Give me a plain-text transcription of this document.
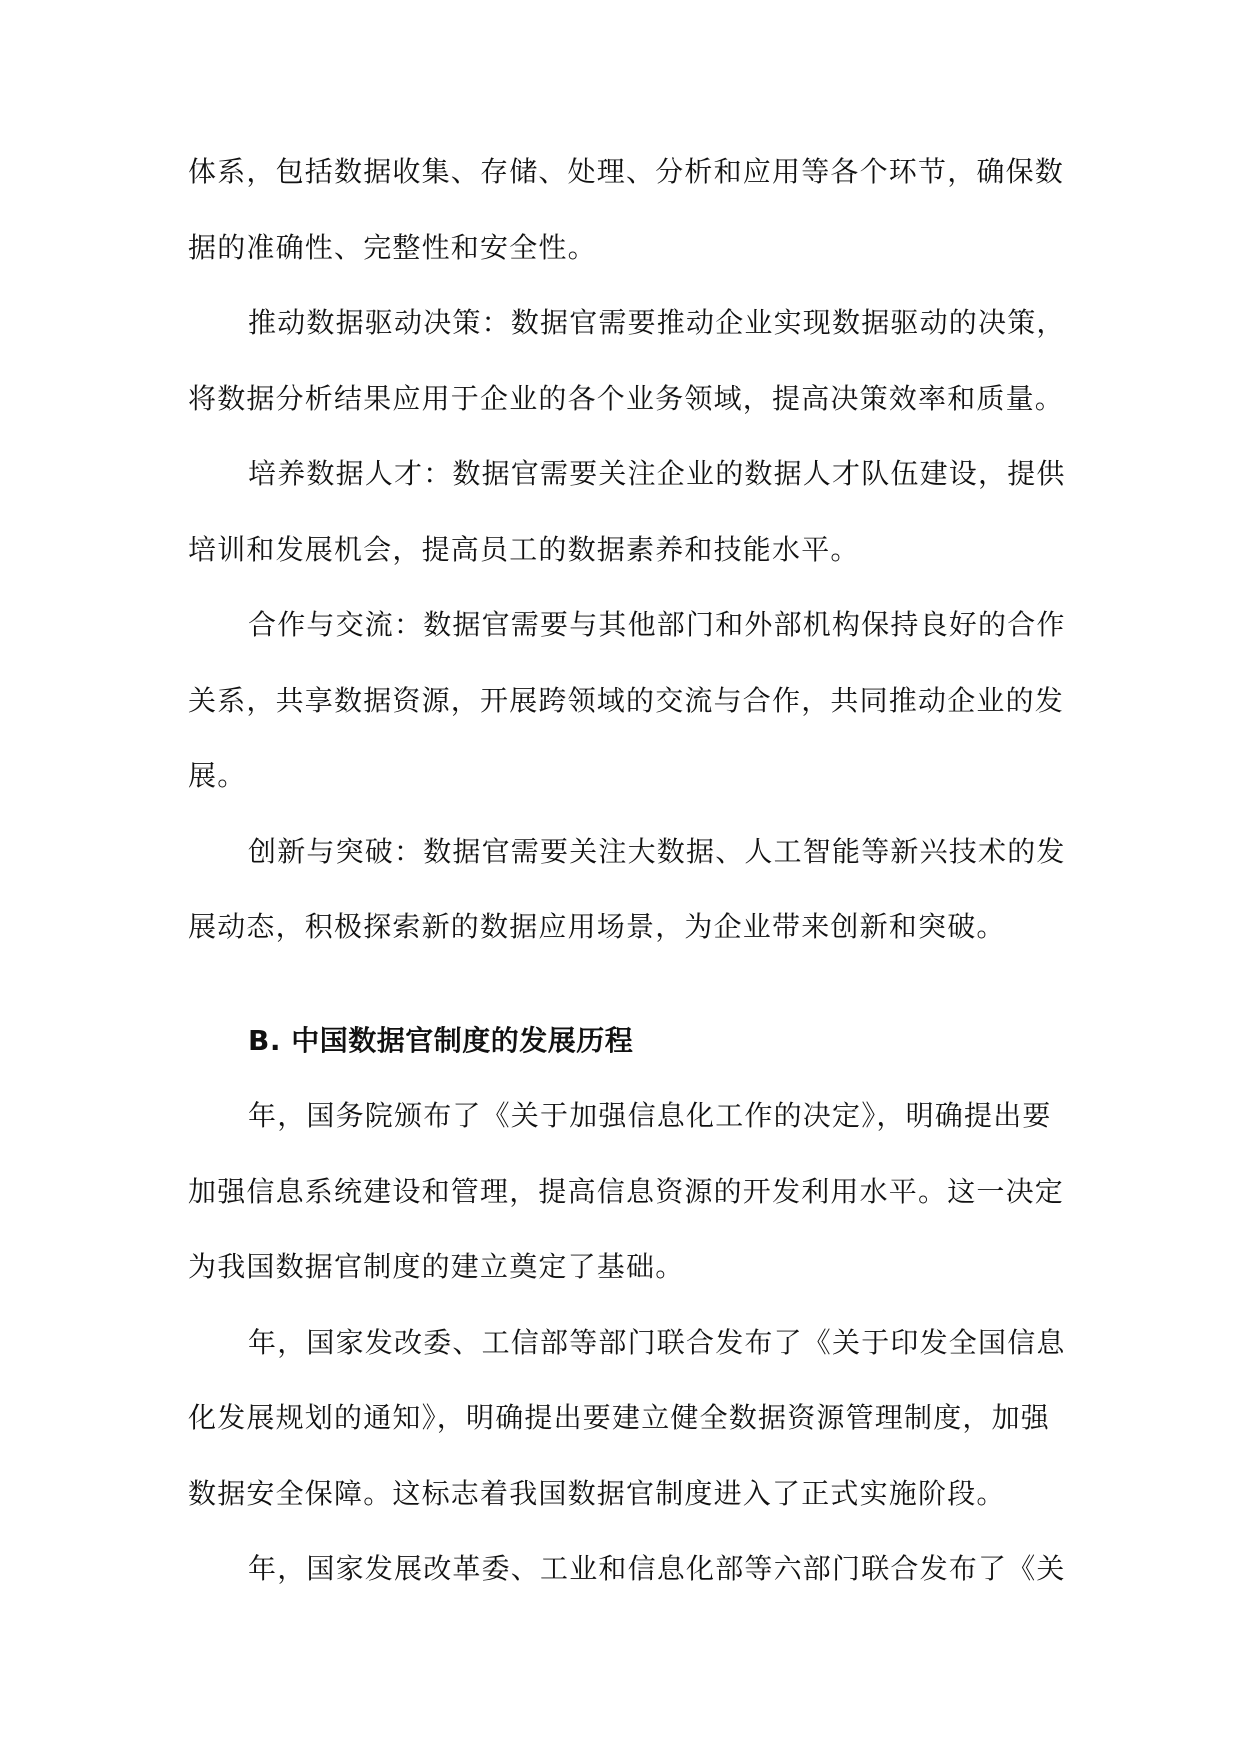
体系，包括数据收集、存储、处理、分析和应用等各个环节，确保数
据的准确性、完整性和安全性。
推动数据驱动决策：数据官需要推动企业实现数据驱动的决策，
将数据分析结果应用于企业的各个业务领域，提高决策效率和质量。
培养数据人才：数据官需要关注企业的数据人才队伍建设，提供
培训和发展机会，提高员工的数据素养和技能水平。
合作与交流：数据官需要与其他部门和外部机构保持良好的合作
关系，共享数据资源，开展跨领域的交流与合作，共同推动企业的发
展。
创新与突破：数据官需要关注大数据、人工智能等新兴技术的发
展动态，积极探索新的数据应用场景，为企业带来创新和突破。
B. 中国数据官制度的发展历程
年，国务院颁布了《关于加强信息化工作的决定》，明确提出要
加强信息系统建设和管理，提高信息资源的开发利用水平。这一决定
为我国数据官制度的建立奠定了基础。
年，国家发改委、工信部等部门联合发布了《关于印发全国信息
化发展规划的通知》，明确提出要建立健全数据资源管理制度，加强
数据安全保障。这标志着我国数据官制度进入了正式实施阶段。
年，国家发展改革委、工业和信息化部等六部门联合发布了《关
